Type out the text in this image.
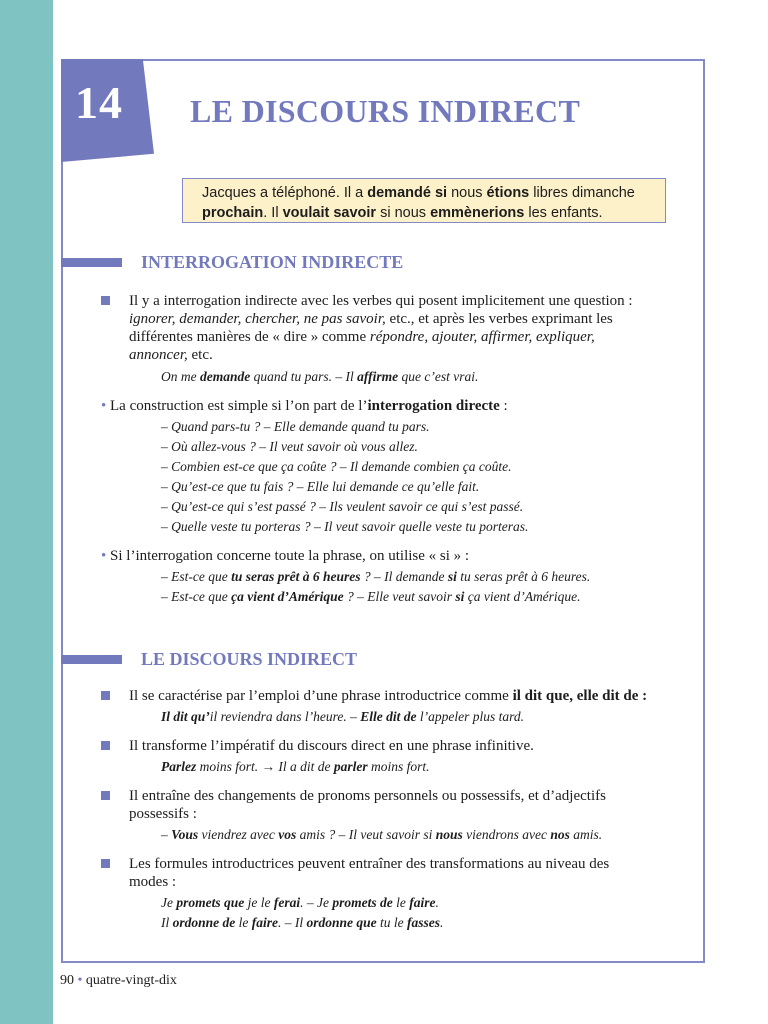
14 LE DISCOURS INDIRECT
Jacques a téléphoné. Il a demandé si nous étions libres dimanche
prochain. Il voulait savoir si nous emmènerions les enfants.
INTERROGATION INDIRECTE
Il y a interrogation indirecte avec les verbes qui posent implicitement une question :
ignorer, demander, chercher, ne pas savoir, etc., et après les verbes exprimant les
différentes manières de « dire » comme répondre, ajouter, affirmer, expliquer,
annoncer, etc.
On me demande quand tu pars. – Il affirme que c’est vrai.
• La construction est simple si l’on part de l’interrogation directe :
– Quand pars-tu ? – Elle demande quand tu pars.
– Où allez-vous ? – Il veut savoir où vous allez.
– Combien est-ce que ça coûte ? – Il demande combien ça coûte.
– Qu’est-ce que tu fais ? – Elle lui demande ce qu’elle fait.
– Qu’est-ce qui s’est passé ? – Ils veulent savoir ce qui s’est passé.
– Quelle veste tu porteras ? – Il veut savoir quelle veste tu porteras.
• Si l’interrogation concerne toute la phrase, on utilise « si » :
– Est-ce que tu seras prêt à 6 heures ? – Il demande si tu seras prêt à 6 heures.
– Est-ce que ça vient d’Amérique ? – Elle veut savoir si ça vient d’Amérique.
LE DISCOURS INDIRECT
Il se caractérise par l’emploi d’une phrase introductrice comme il dit que, elle dit de :
Il dit qu’il reviendra dans l’heure. – Elle dit de l’appeler plus tard.
Il transforme l’impératif du discours direct en une phrase infinitive.
Parlez moins fort. → Il a dit de parler moins fort.
Il entraîne des changements de pronoms personnels ou possessifs, et d’adjectifs
possessifs :
– Vous viendrez avec vos amis ? – Il veut savoir si nous viendrons avec nos amis.
Les formules introductrices peuvent entraîner des transformations au niveau des
modes :
Je promets que je le ferai. – Je promets de le faire.
Il ordonne de le faire. – Il ordonne que tu le fasses.
90 • quatre-vingt-dix
